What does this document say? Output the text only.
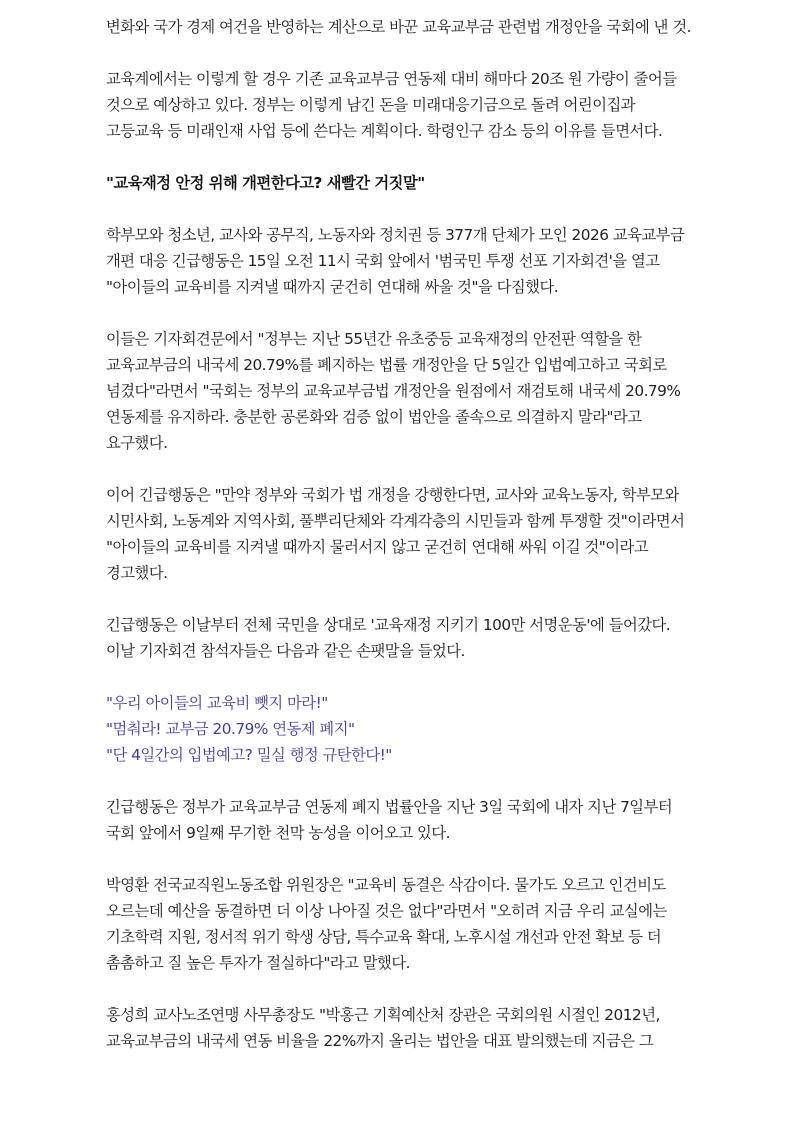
변화와 국가 경제 여건을 반영하는 계산으로 바꾼 교육교부금 관련법 개정안을 국회에 낸 것.

교육계에서는 이렇게 할 경우 기존 교육교부금 연동제 대비 해마다 20조 원 가량이 줄어들 것으로 예상하고 있다. 정부는 이렇게 남긴 돈을 미래대응기금으로 돌려 어린이집과 고등교육 등 미래인재 사업 등에 쓴다는 계획이다. 학령인구 감소 등의 이유를 들면서다.

"교육재정 안정 위해 개편한다고? 새빨간 거짓말"

학부모와 청소년, 교사와 공무직, 노동자와 정치권 등 377개 단체가 모인 2026 교육교부금 개편 대응 긴급행동은 15일 오전 11시 국회 앞에서 '범국민 투쟁 선포 기자회견'을 열고 "아이들의 교육비를 지켜낼 때까지 굳건히 연대해 싸울 것"을 다짐했다.

이들은 기자회견문에서 "정부는 지난 55년간 유초중등 교육재정의 안전판 역할을 한 교육교부금의 내국세 20.79%를 폐지하는 법률 개정안을 단 5일간 입법예고하고 국회로 넘겼다"라면서 "국회는 정부의 교육교부금법 개정안을 원점에서 재검토해 내국세 20.79% 연동제를 유지하라. 충분한 공론화와 검증 없이 법안을 졸속으로 의결하지 말라"라고 요구했다.

이어 긴급행동은 "만약 정부와 국회가 법 개정을 강행한다면, 교사와 교육노동자, 학부모와 시민사회, 노동계와 지역사회, 풀뿌리단체와 각계각층의 시민들과 함께 투쟁할 것"이라면서 "아이들의 교육비를 지켜낼 때까지 물러서지 않고 굳건히 연대해 싸워 이길 것"이라고 경고했다.

긴급행동은 이날부터 전체 국민을 상대로 '교육재정 지키기 100만 서명운동'에 들어갔다. 이날 기자회견 참석자들은 다음과 같은 손팻말을 들었다.

"우리 아이들의 교육비 뺏지 마라!"
"멈춰라! 교부금 20.79% 연동제 폐지"
"단 4일간의 입법예고? 밀실 행정 규탄한다!"

긴급행동은 정부가 교육교부금 연동제 폐지 법률안을 지난 3일 국회에 내자 지난 7일부터 국회 앞에서 9일째 무기한 천막 농성을 이어오고 있다.

박영환 전국교직원노동조합 위원장은 "교육비 동결은 삭감이다. 물가도 오르고 인건비도 오르는데 예산을 동결하면 더 이상 나아질 것은 없다"라면서 "오히려 지금 우리 교실에는 기초학력 지원, 정서적 위기 학생 상담, 특수교육 확대, 노후시설 개선과 안전 확보 등 더 촘촘하고 질 높은 투자가 절실하다"라고 말했다.

홍성희 교사노조연맹 사무총장도 "박홍근 기획예산처 장관은 국회의원 시절인 2012년, 교육교부금의 내국세 연동 비율을 22%까지 올리는 법안을 대표 발의했는데 지금은 그
